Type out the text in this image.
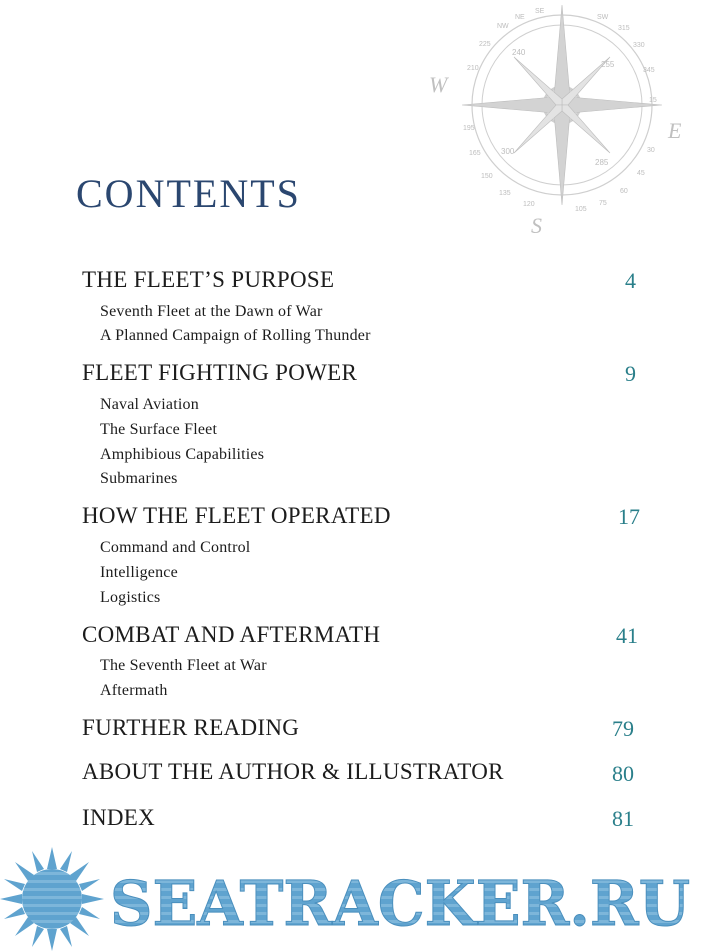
W
E
S
NW
NE
SE
SW
315
330
345
15
30
45
60
75
105
120
135
150
165
195
210
225
240
255
285
300
CONTENTS
THE FLEET’S PURPOSE	4
Seventh Fleet at the Dawn of War
A Planned Campaign of Rolling Thunder
FLEET FIGHTING POWER	9
Naval Aviation
The Surface Fleet
Amphibious Capabilities
Submarines
HOW THE FLEET OPERATED	17
Command and Control
Intelligence
Logistics
COMBAT AND AFTERMATH	41
The Seventh Fleet at War
Aftermath
FURTHER READING	79
ABOUT THE AUTHOR & ILLUSTRATOR	80
INDEX	81
SEATRACKER.RU
